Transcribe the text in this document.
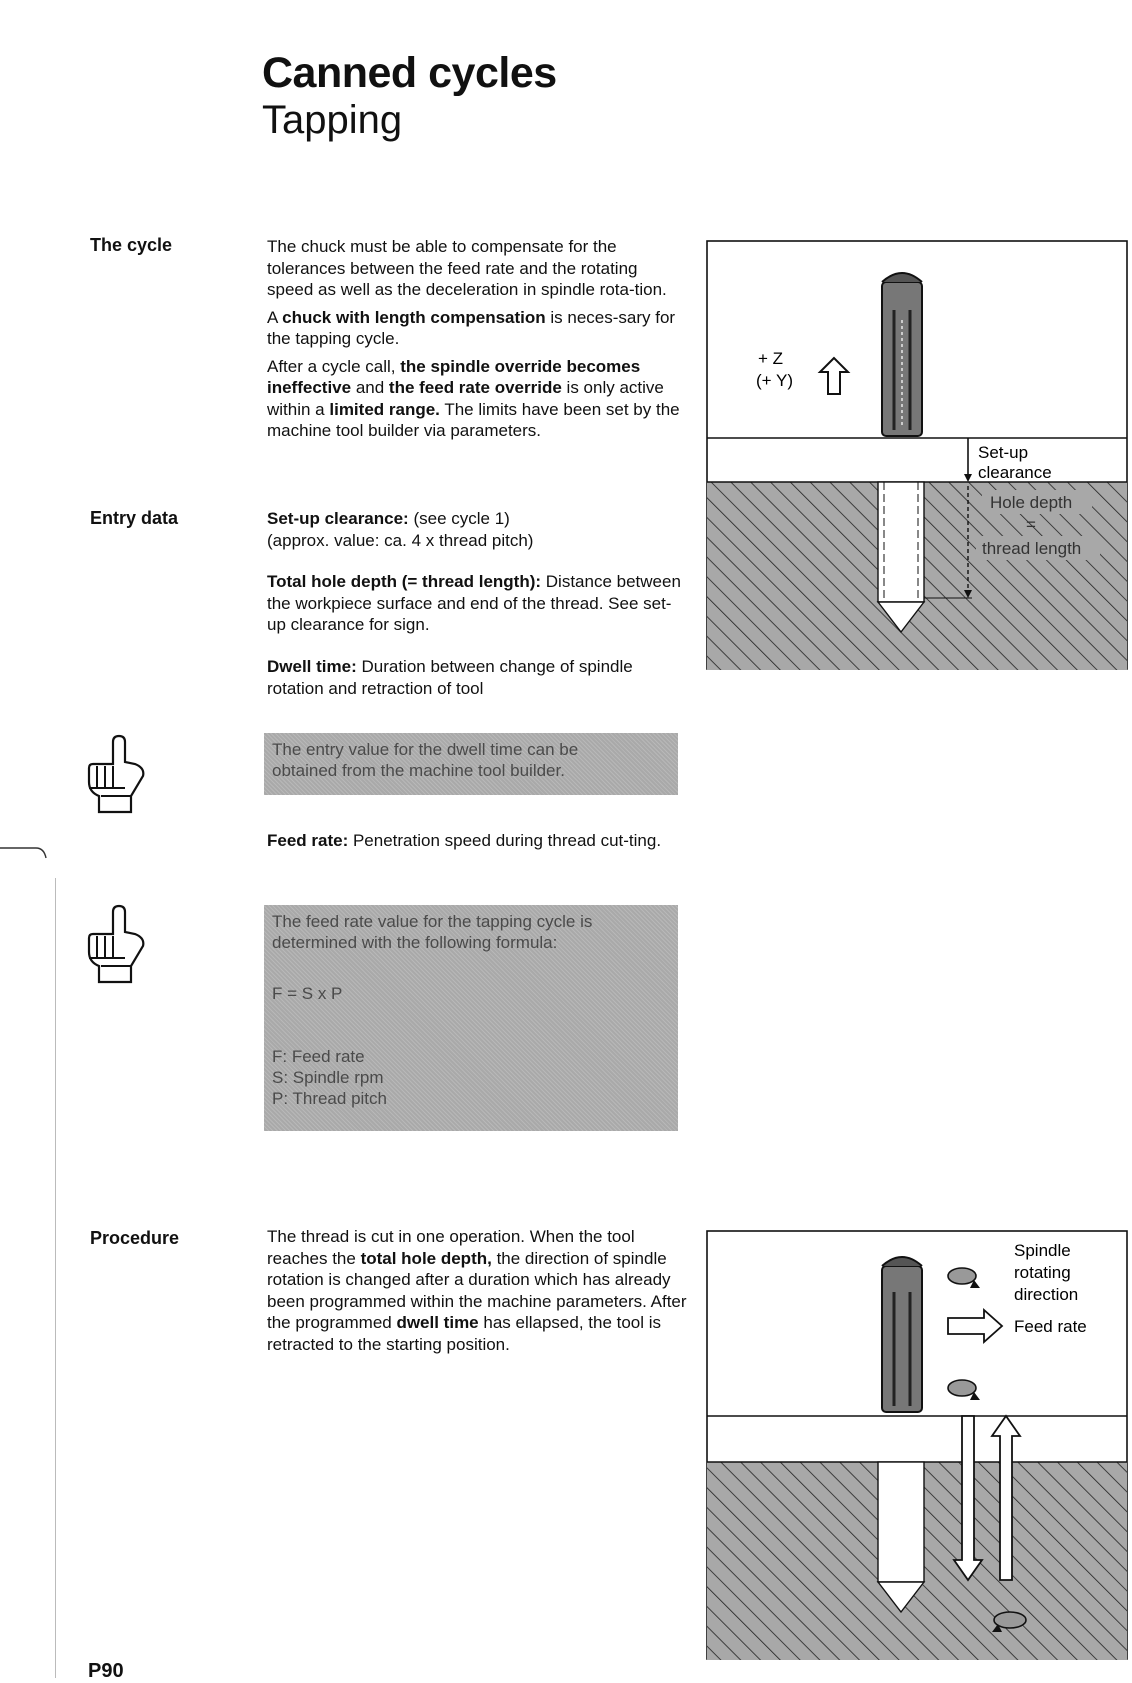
Canned cycles
Tapping
The cycle
Entry data
Procedure

The chuck must be able to compensate for the tolerances between the feed rate and the rotating speed as well as the deceleration in spindle rota-tion.

A chuck with length compensation is neces-sary for the tapping cycle.

After a cycle call, the spindle override becomes ineffective and the feed rate override is only active within a limited range. The limits have been set by the machine tool builder via parameters.

Set-up clearance: (see cycle 1)
(approx. value: ca. 4 x thread pitch)
Total hole depth (= thread length): Distance between the workpiece surface and end of the thread. See set-up clearance for sign.
Dwell time: Duration between change of spindle rotation and retraction of tool
The entry value for the dwell time can be
obtained from the machine tool builder.
Feed rate: Penetration speed during thread cut-ting.
The feed rate value for the tapping cycle is
determined with the following formula:
F = S x P
F: Feed rate
S: Spindle rpm
P: Thread pitch
The thread is cut in one operation. When the tool reaches the total hole depth, the direction of spindle rotation is changed after a duration which has already been programmed within the machine parameters. After the programmed dwell time has ellapsed, the tool is retracted to the starting position.
+ Z
(+ Y)
Set-up
clearance
Hole depth
=
thread length
Spindle
rotating
direction
Feed rate
P90
